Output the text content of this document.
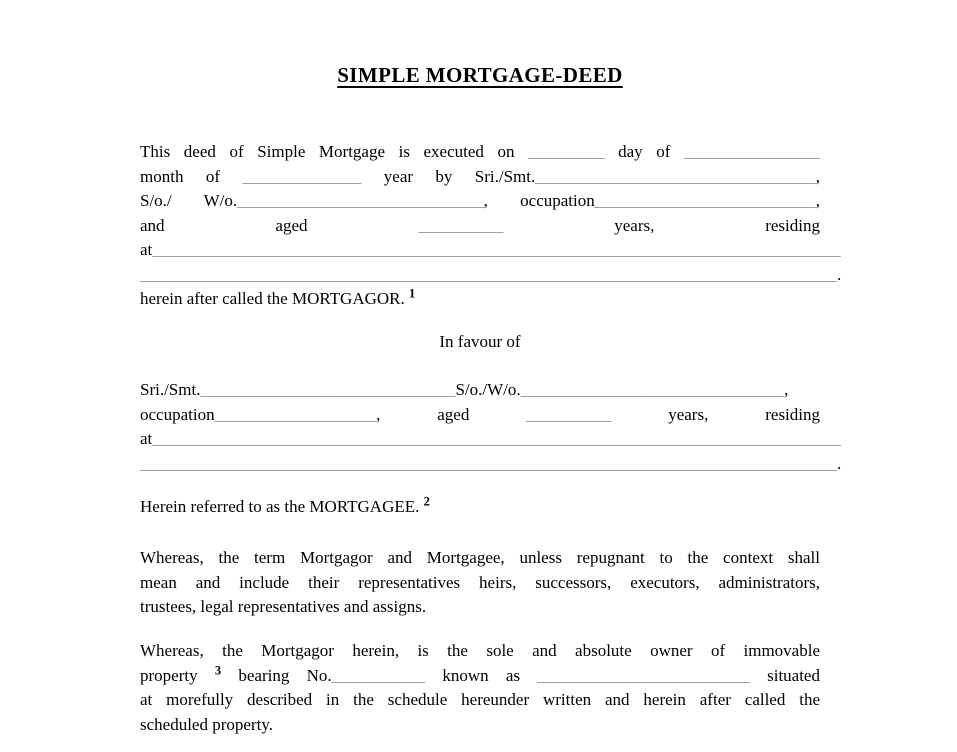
SIMPLE MORTGAGE-DEED
This deed of Simple Mortgage is executed on _________ day of ________________
month of ______________ year by Sri./Smt._________________________________,
S/o./ W/o._____________________________, occupation__________________________,
and aged __________ years, residing
at_________________________________________________________________________________
__________________________________________________________________________________.
herein after called the MORTGAGOR. $^1$
In favour of
Sri./Smt.______________________________S/o./W/o._______________________________,
occupation___________________, aged __________ years, residing
at_________________________________________________________________________________
__________________________________________________________________________________.
Herein referred to as the MORTGAGEE. $^2$
Whereas, the term Mortgagor and Mortgagee, unless repugnant to the context shall
mean and include their representatives heirs, successors, executors, administrators,
trustees, legal representatives and assigns.
Whereas, the Mortgagor herein, is the sole and absolute owner of immovable
property $^3$ bearing No.___________ known as _________________________ situated
at morefully described in the schedule hereunder written and herein after called the
scheduled property.
